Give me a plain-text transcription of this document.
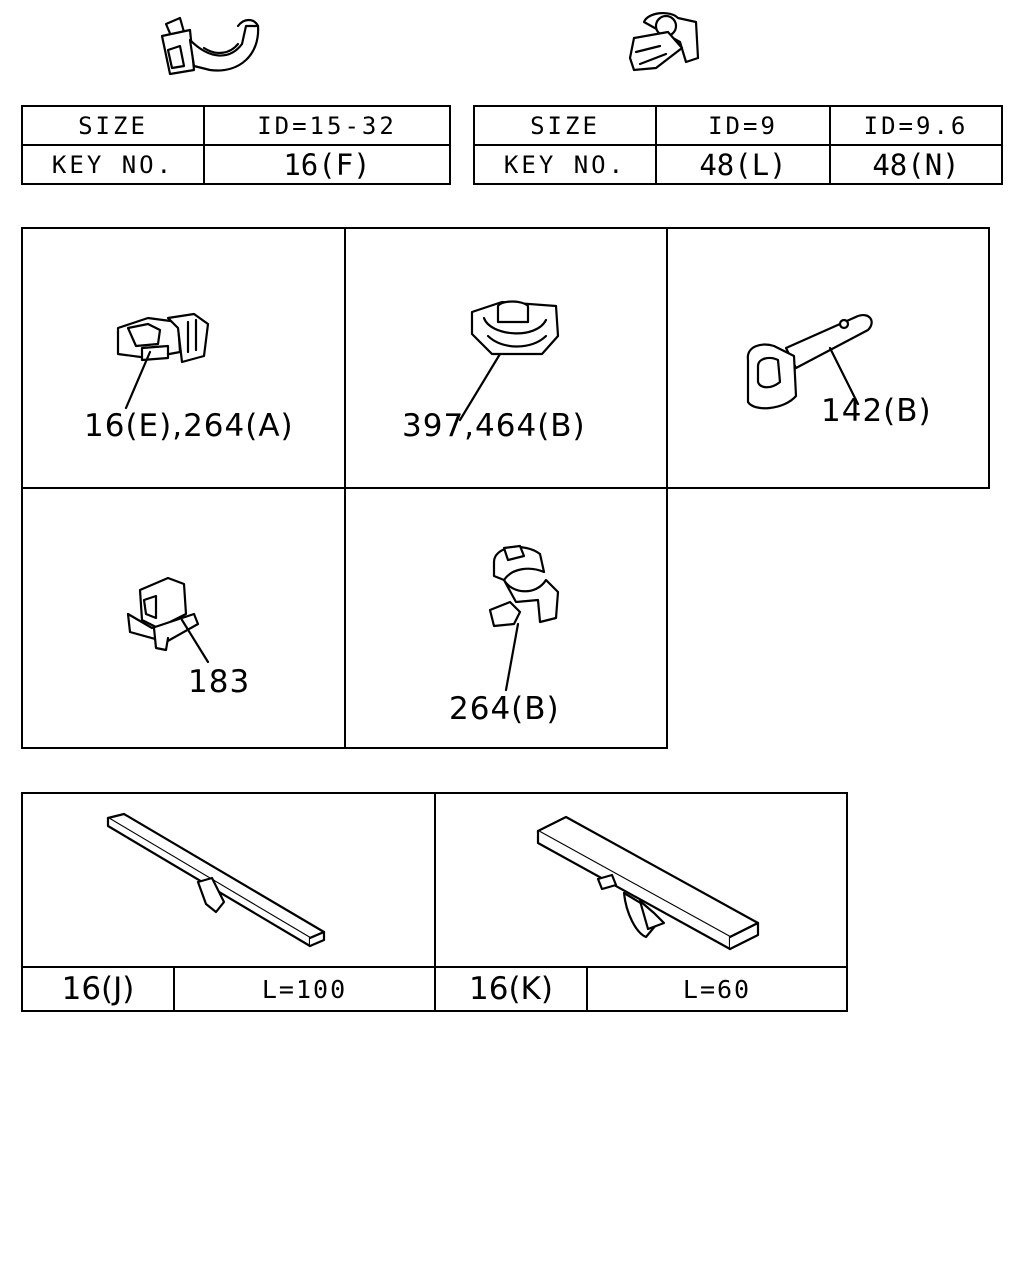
SIZE	ID=15-32
KEY NO.	16(F)
SIZE	ID=9	ID=9.6
KEY NO.	48(L)	48(N)
16(E),264(A)	397,464(B)	142(B)
183
264(B)
16(J)	L=100	16(K)	L=60
